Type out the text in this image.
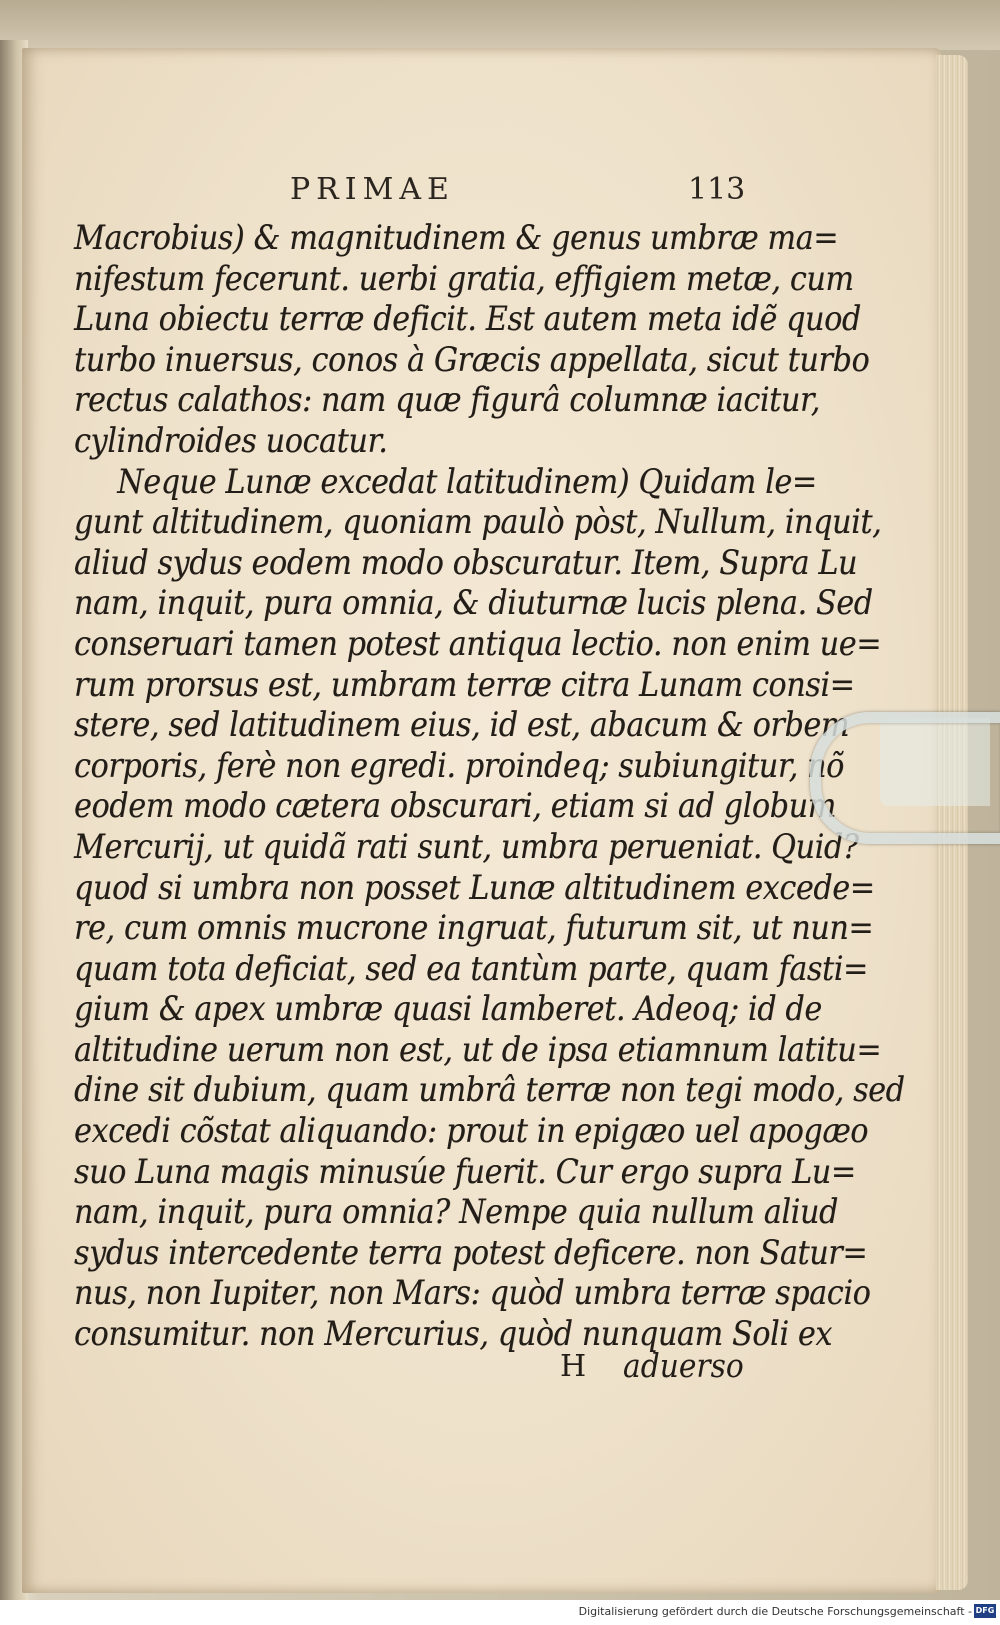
PRIMAE	113
Macrobius) & magnitudinem & genus umbræ ma=
nifestum fecerunt. uerbi gratia, effigiem metæ, cum
Luna obiectu terræ deficit. Est autem meta idẽ quod
turbo inuersus, conos à Græcis appellata, sicut turbo
rectus calathos: nam quæ figurâ columnæ iacitur,
cylindroides uocatur.
Neque Lunæ excedat latitudinem) Quidam le=
gunt altitudinem, quoniam paulò pòst, Nullum, inquit,
aliud sydus eodem modo obscuratur. Item, Supra Lu
nam, inquit, pura omnia, & diuturnæ lucis plena. Sed
conseruari tamen potest antiqua lectio. non enim ue=
rum prorsus est, umbram terræ citra Lunam consi=
stere, sed latitudinem eius, id est, abacum & orbem
corporis, ferè non egredi. proindeq; subiungitur, nõ
eodem modo cætera obscurari, etiam si ad globum
Mercurij, ut quidã rati sunt, umbra perueniat. Quid?
quod si umbra non posset Lunæ altitudinem excede=
re, cum omnis mucrone ingruat, futurum sit, ut nun=
quam tota deficiat, sed ea tantùm parte, quam fasti=
gium & apex umbræ quasi lamberet. Adeoq; id de
altitudine uerum non est, ut de ipsa etiamnum latitu=
dine sit dubium, quam umbrâ terræ non tegi modo, sed
excedi cõstat aliquando: prout in epigæo uel apogæo
suo Luna magis minusúe fuerit. Cur ergo supra Lu=
nam, inquit, pura omnia? Nempe quia nullum aliud
sydus intercedente terra potest deficere. non Satur=
nus, non Iupiter, non Mars: quòd umbra terræ spacio
consumitur. non Mercurius, quòd nunquam Soli ex
H aduerso
Digitalisierung gefördert durch die Deutsche Forschungsgemeinschaft - DFG
